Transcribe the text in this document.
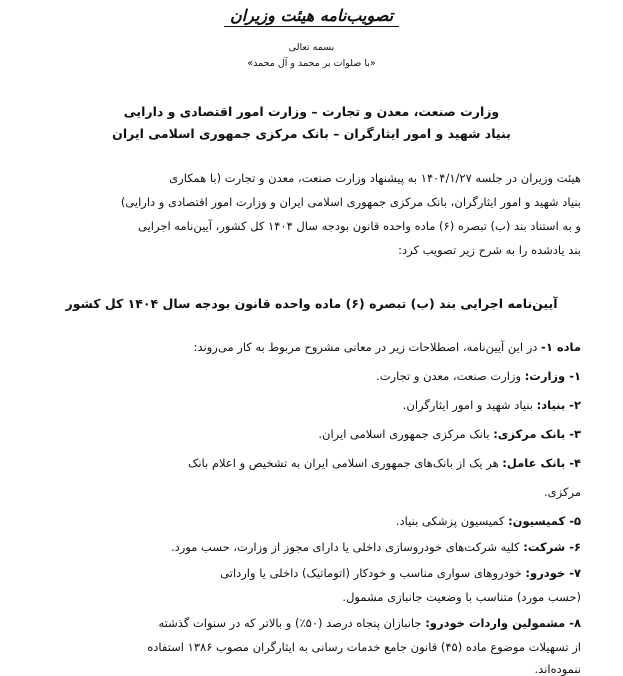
تصویب‌نامه هیئت وزیران
بسمه تعالی
«با صلوات بر محمد و آل محمد»
وزارت صنعت، معدن و تجارت – وزارت امور اقتصادی و دارایی
بنیاد شهید و امور ایثارگران – بانک مرکزی جمهوری اسلامی ایران
هیئت وزیران در جلسه ۱۴۰۴/۱/۲۷ به پیشنهاد وزارت صنعت، معدن و تجارت (با همکاری
بنیاد شهید و امور ایثارگران، بانک مرکزی جمهوری اسلامی ایران و وزارت امور اقتصادی و دارایی)
و به استناد بند (ب) تبصره (۶) ماده واحده قانون بودجه سال ۱۴۰۴ کل کشور، آیین‌نامه اجرایی
بند یادشده را به شرح زیر تصویب کرد:
آیین‌نامه اجرایی بند (ب) تبصره (۶) ماده واحده قانون بودجه سال ۱۴۰۴ کل کشور
ماده ۱- در این آیین‌نامه، اصطلاحات زیر در معانی مشروح مربوط به کار می‌روند:
۱- وزارت: وزارت صنعت، معدن و تجارت.
۲- بنیاد: بنیاد شهید و امور ایثارگران.
۳- بانک مرکزی: بانک مرکزی جمهوری اسلامی ایران.
۴- بانک عامل: هر یک از بانک‌های جمهوری اسلامی ایران به تشخیص و اعلام بانک
مرکزی.
۵- کمیسیون: کمیسیون پزشکی بنیاد.
۶- شرکت: کلیه شرکت‌های خودروسازی داخلی یا دارای مجوز از وزارت، حسب مورد.
۷- خودرو: خودروهای سواری مناسب و خودکار (اتوماتیک) داخلی یا وارداتی
(حسب مورد) متناسب با وضعیت جانبازی مشمول.
۸- مشمولین واردات خودرو: جانبازان پنجاه درصد (۵۰٪) و بالاتر که در سنوات گذشته
از تسهیلات موضوع ماده (۴۵) قانون جامع خدمات رسانی به ایثارگران مصوب ۱۳۸۶ استفاده
ننموده‌اند.
